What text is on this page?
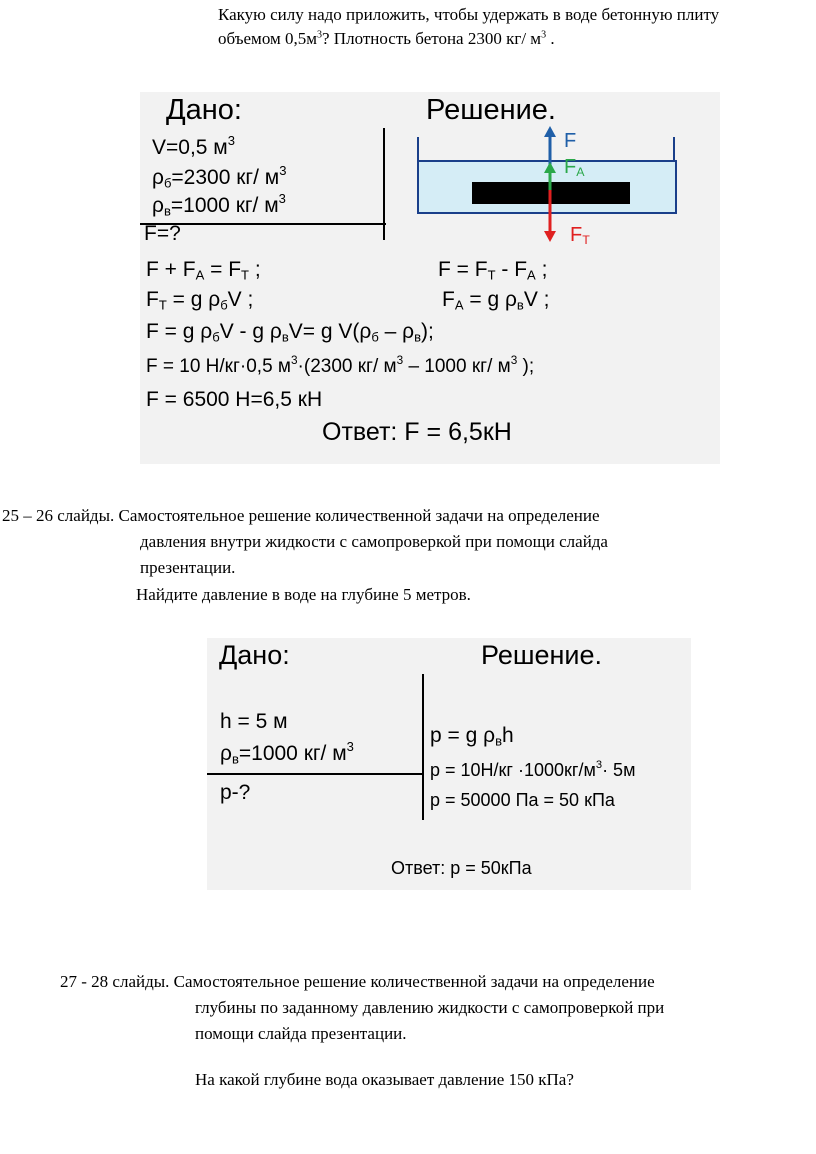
Какую силу надо приложить, чтобы удержать в воде бетонную плиту
объемом $0,5м^3$? Плотность бетона 2300 кг/ $м^3$ .
Дано:	Решение.
V=0,5 $м^3$
$\rho_б=2300$ кг/ $м^3$
$\rho_в=1000$ кг/ $м^3$
F=?
F
$F_A$
$F_T$
$F + F_A = F_T$ ;	$F = F_T - F_A$ ;
$F_T = g$ $\rho_бV$ ;	$F_A = g$ $\rho_вV$ ;
F = g $\rho_бV$ - g $\rho_вV= g$ $V(\rho_б - \rho_в)$;
F = 10 Н/кг·0,5 $м^3\cdot(2300$ кг/ $м^3 - 1000$ кг/ $м^3$ );
F = 6500 Н=6,5 кН
Ответ: F = 6,5кН
25 – 26 слайды. Самостоятельное решение количественной задачи на определение
давления внутри жидкости с самопроверкой при помощи слайда
презентации.
Найдите давление в воде на глубине 5 метров.
Дано:	Решение.
h = 5 м
$\rho_в=1000$ кг/ $м^3$
p-?
p = g $\rho_вh$
$p = 10Н/кг \cdot 1000кг/м^3\cdot 5м$
p = 50000 Па = 50 кПа
Ответ: p = 50кПа
27 - 28 слайды. Самостоятельное решение количественной задачи на определение
глубины по заданному давлению жидкости с самопроверкой при
помощи слайда презентации.
На какой глубине вода оказывает давление 150 кПа?
